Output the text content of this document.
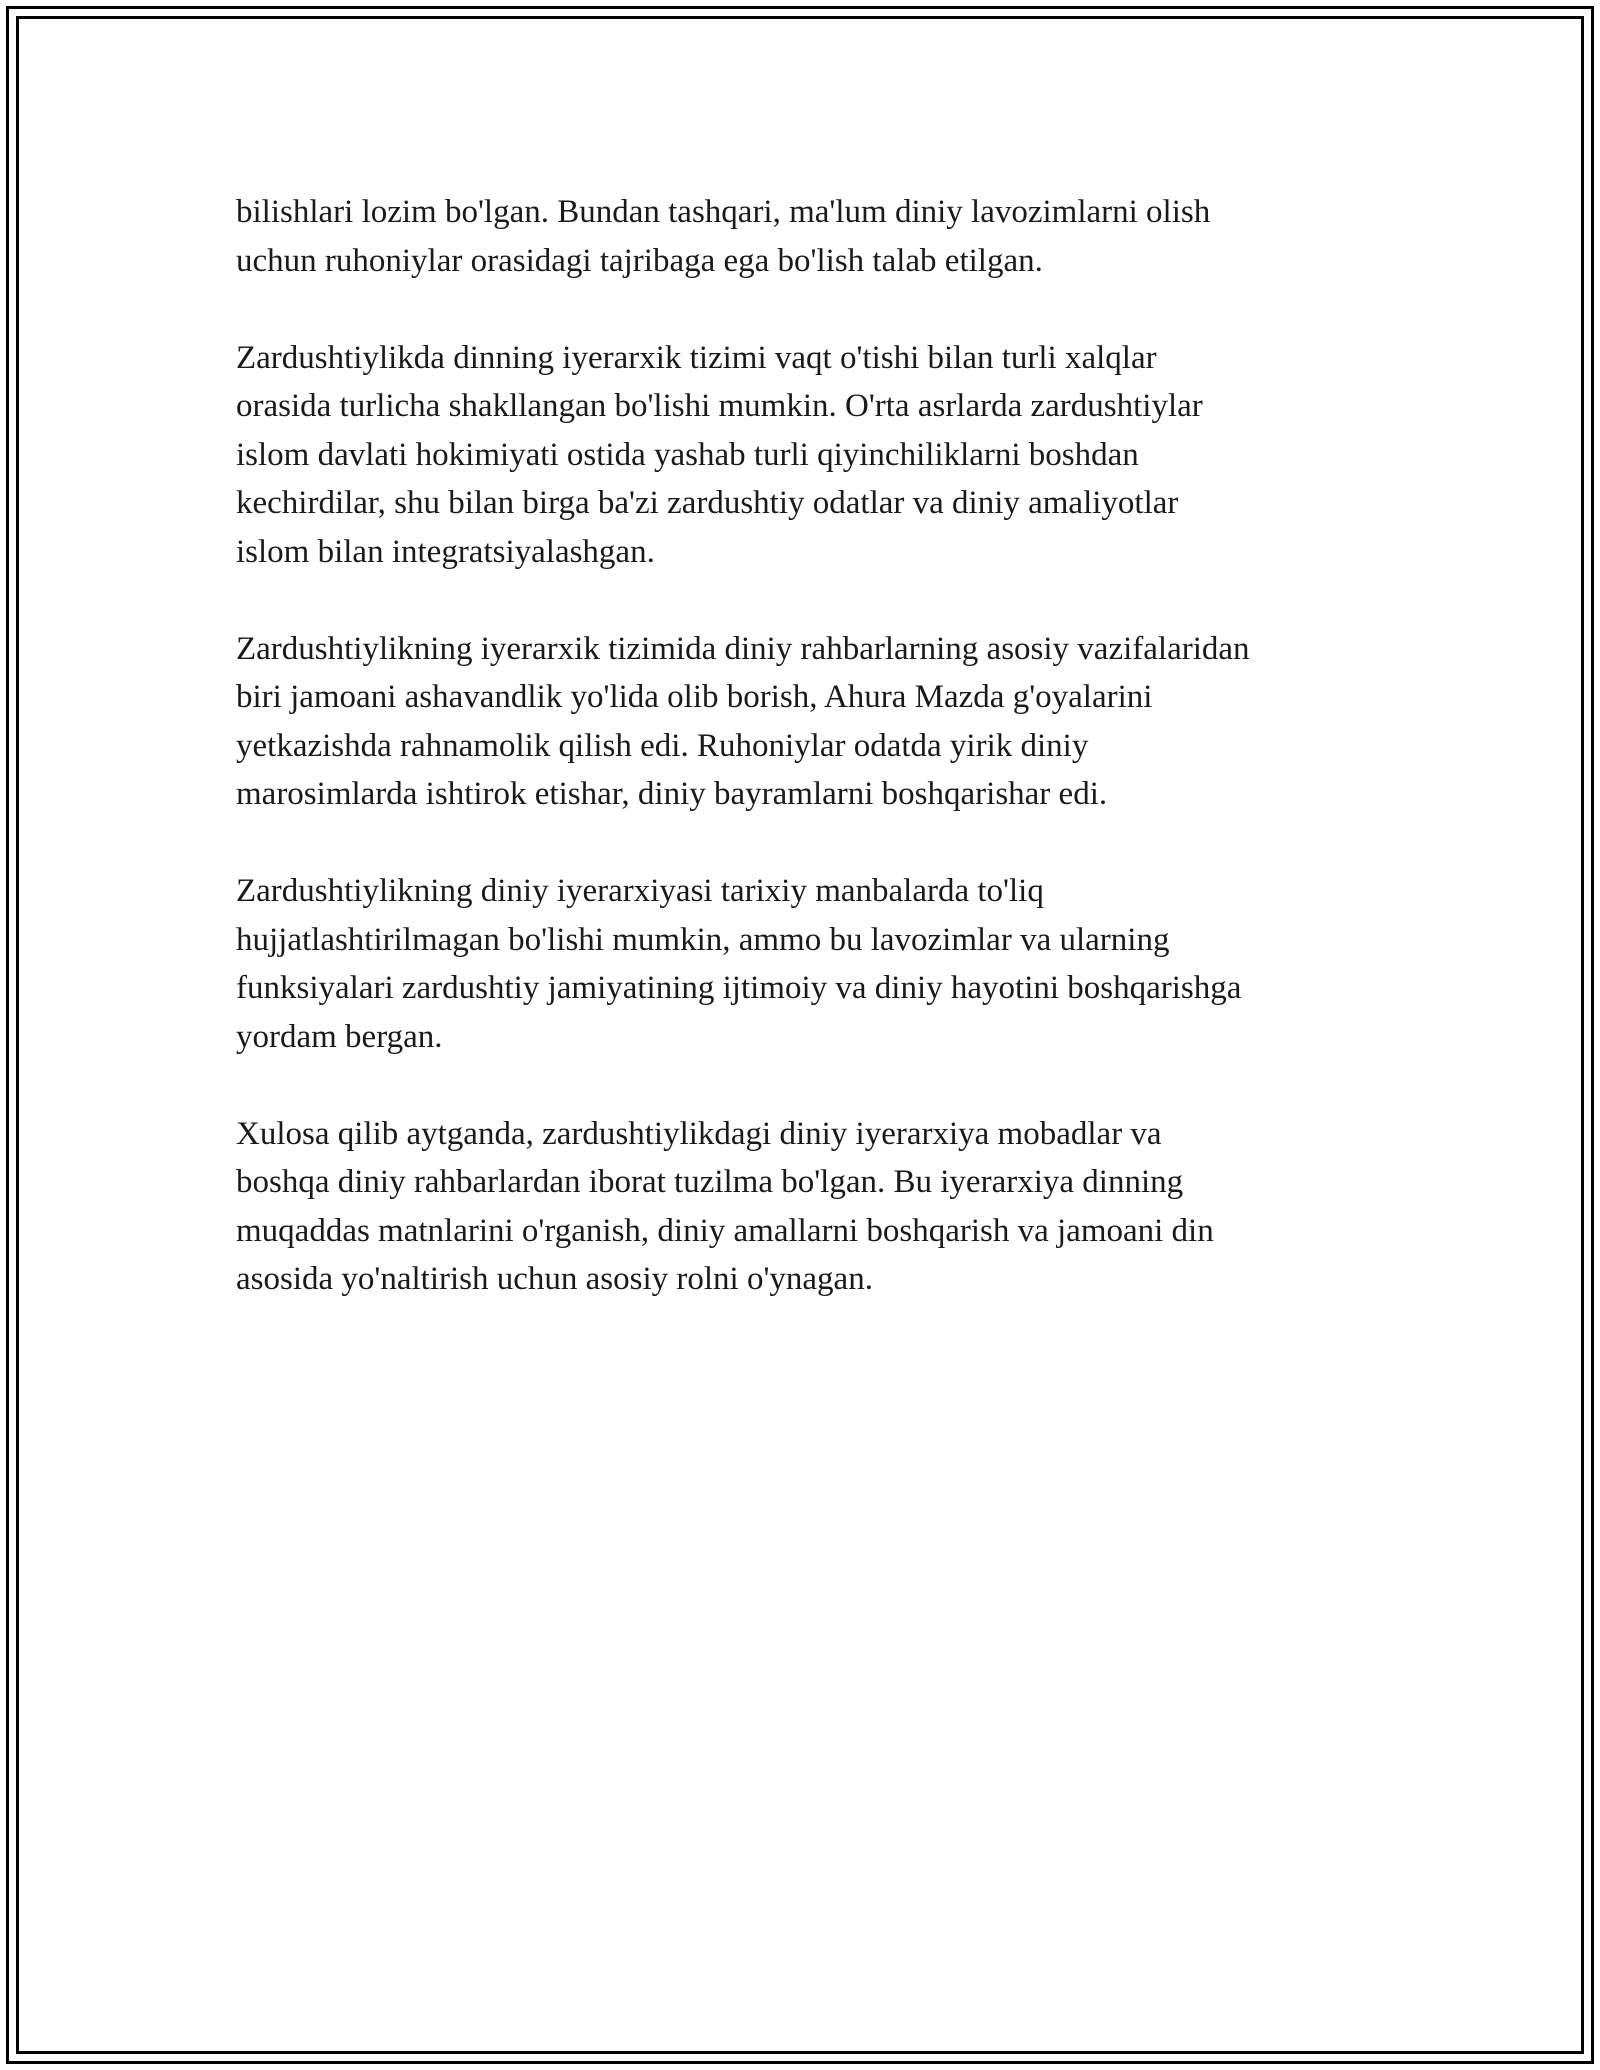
bilishlari lozim bo'lgan. Bundan tashqari, ma'lum diniy lavozimlarni olish
uchun ruhoniylar orasidagi tajribaga ega bo'lish talab etilgan.

Zardushtiylikda dinning iyerarxik tizimi vaqt o'tishi bilan turli xalqlar
orasida turlicha shakllangan bo'lishi mumkin. O'rta asrlarda zardushtiylar
islom davlati hokimiyati ostida yashab turli qiyinchiliklarni boshdan
kechirdilar, shu bilan birga ba'zi zardushtiy odatlar va diniy amaliyotlar
islom bilan integratsiyalashgan.

Zardushtiylikning iyerarxik tizimida diniy rahbarlarning asosiy vazifalaridan
biri jamoani ashavandlik yo'lida olib borish, Ahura Mazda g'oyalarini
yetkazishda rahnamolik qilish edi. Ruhoniylar odatda yirik diniy
marosimlarda ishtirok etishar, diniy bayramlarni boshqarishar edi.

Zardushtiylikning diniy iyerarxiyasi tarixiy manbalarda to'liq
hujjatlashtirilmagan bo'lishi mumkin, ammo bu lavozimlar va ularning
funksiyalari zardushtiy jamiyatining ijtimoiy va diniy hayotini boshqarishga
yordam bergan.

Xulosa qilib aytganda, zardushtiylikdagi diniy iyerarxiya mobadlar va
boshqa diniy rahbarlardan iborat tuzilma bo'lgan. Bu iyerarxiya dinning
muqaddas matnlarini o'rganish, diniy amallarni boshqarish va jamoani din
asosida yo'naltirish uchun asosiy rolni o'ynagan.
